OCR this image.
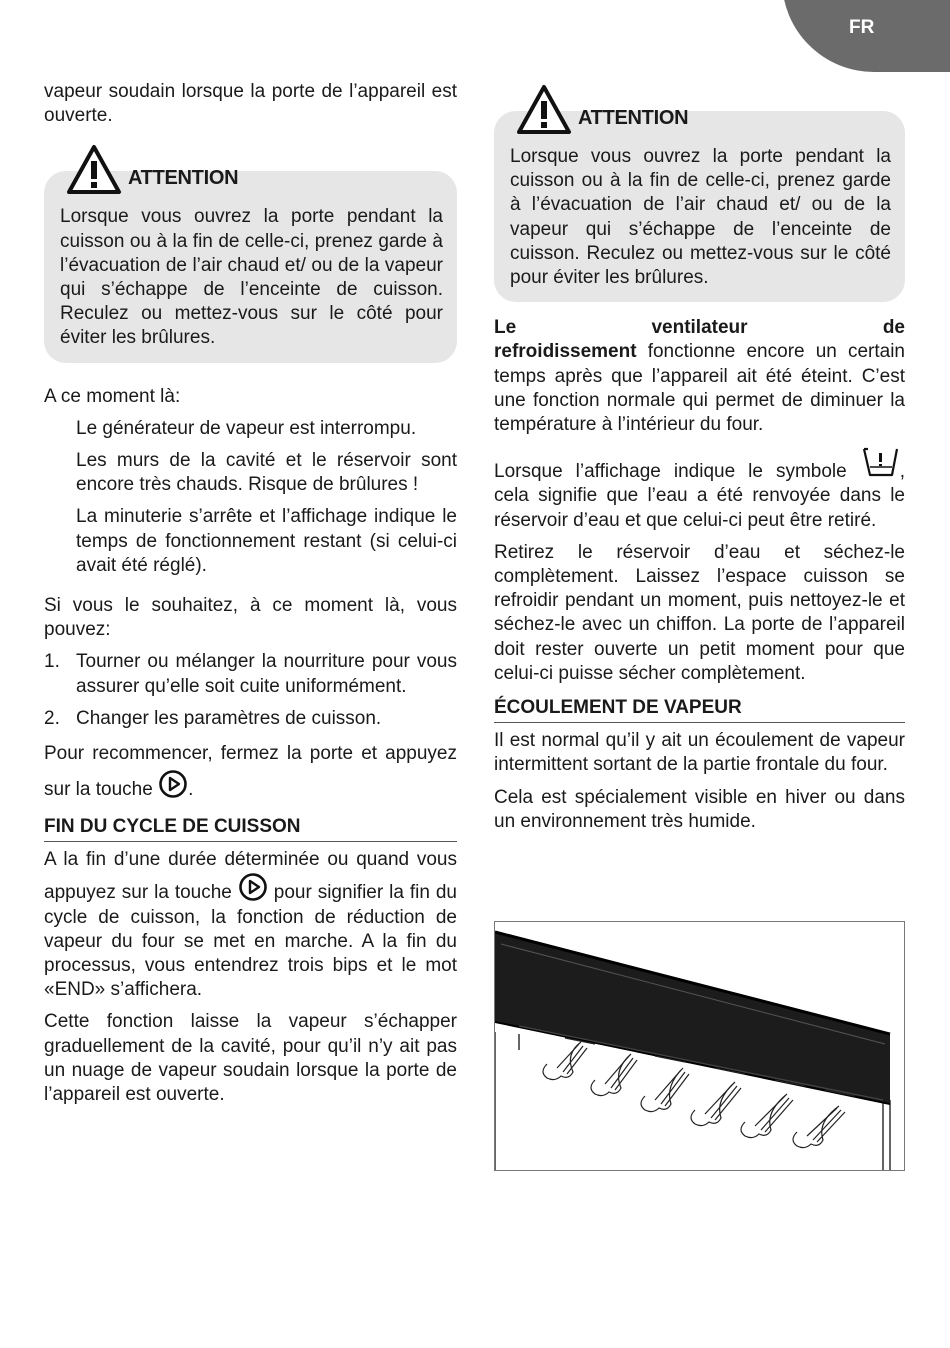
FR

vapeur soudain lorsque la porte de l’appareil est ouverte.

ATTENTION

Lorsque vous ouvrez la porte pendant la cuisson ou à la fin de celle-ci, prenez garde à l’évacuation de l’air chaud et/ ou de la vapeur qui s’échappe de l’enceinte de cuisson. Reculez ou mettez-vous sur le côté pour éviter les brûlures.

A ce moment là:

Le générateur de vapeur est interrompu.

Les murs de la cavité et le réservoir sont encore très chauds. Risque de brûlures !

La minuterie s’arrête et l’affichage indique le temps de fonctionnement restant (si celui-ci avait été réglé).

Si vous le souhaitez, à ce moment là, vous pouvez:

1. Tourner ou mélanger la nourriture pour vous assurer qu’elle soit cuite uniformément.
2. Changer les paramètres de cuisson.

Pour recommencer, fermez la porte et appuyez sur la touche .

FIN DU CYCLE DE CUISSON

A la fin d’une durée déterminée ou quand vous appuyez sur la touche pour signifier la fin du cycle de cuisson, la fonction de réduction de vapeur du four se met en marche. A la fin du processus, vous entendrez trois bips et le mot «END» s’affichera.

Cette fonction laisse la vapeur s’échapper graduellement de la cavité, pour qu’il n’y ait pas un nuage de vapeur soudain lorsque la porte de l’appareil est ouverte.

ATTENTION

Lorsque vous ouvrez la porte pendant la cuisson ou à la fin de celle-ci, prenez garde à l’évacuation de l’air chaud et/ ou de la vapeur qui s’échappe de l’enceinte de cuisson. Reculez ou mettez-vous sur le côté pour éviter les brûlures.

Le ventilateur de refroidissement fonctionne encore un certain temps après que l’appareil ait été éteint. C’est une fonction normale qui permet de diminuer la température à l’intérieur du four.

Lorsque l’affichage indique le symbole	, cela signifie que l’eau a été renvoyée dans le réservoir d’eau et que celui-ci peut être retiré.

Retirez le réservoir d’eau et séchez-le complètement. Laissez l’espace cuisson se refroidir pendant un moment, puis nettoyez-le et séchez-le avec un chiffon. La porte de l’appareil doit rester ouverte un petit moment pour que celui-ci puisse sécher complètement.

ÉCOULEMENT DE VAPEUR

Il est normal qu’il y ait un écoulement de vapeur intermittent sortant de la partie frontale du four.

Cela est spécialement visible en hiver ou dans un environnement très humide.
